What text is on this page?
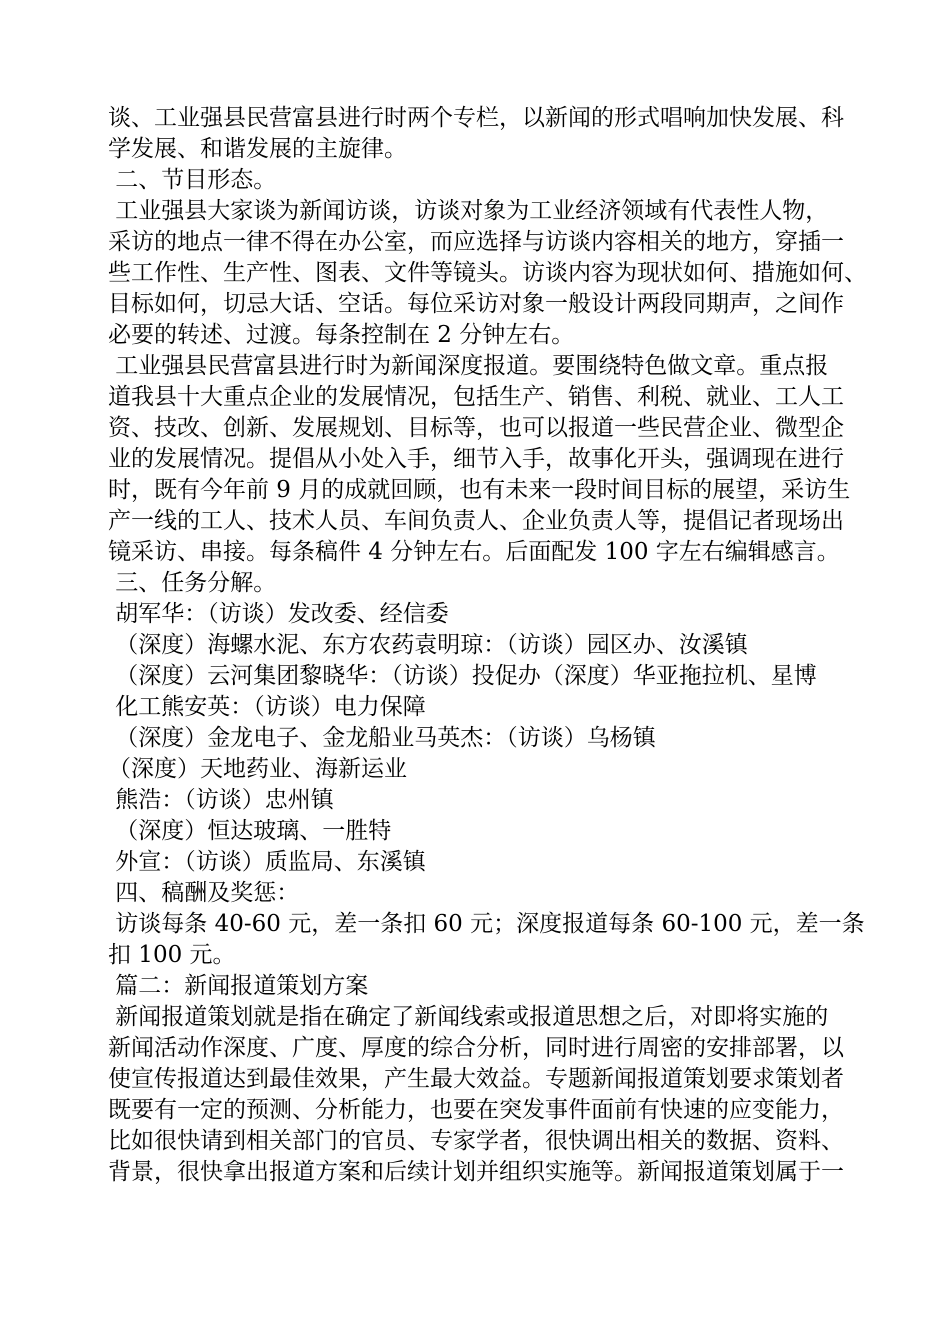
谈、工业强县民营富县进行时两个专栏，以新闻的形式唱响加快发展、科
学发展、和谐发展的主旋律。
二、节目形态。
工业强县大家谈为新闻访谈，访谈对象为工业经济领域有代表性人物，
采访的地点一律不得在办公室，而应选择与访谈内容相关的地方，穿插一
些工作性、生产性、图表、文件等镜头。访谈内容为现状如何、措施如何、
目标如何，切忌大话、空话。每位采访对象一般设计两段同期声，之间作
必要的转述、过渡。每条控制在 2 分钟左右。
工业强县民营富县进行时为新闻深度报道。要围绕特色做文章。重点报
道我县十大重点企业的发展情况，包括生产、销售、利税、就业、工人工
资、技改、创新、发展规划、目标等，也可以报道一些民营企业、微型企
业的发展情况。提倡从小处入手，细节入手，故事化开头，强调现在进行
时，既有今年前 9 月的成就回顾，也有未来一段时间目标的展望，采访生
产一线的工人、技术人员、车间负责人、企业负责人等，提倡记者现场出
镜采访、串接。每条稿件 4 分钟左右。后面配发 100 字左右编辑感言。
三、任务分解。
胡军华：（访谈）发改委、经信委
（深度）海螺水泥、东方农药袁明琼：（访谈）园区办、汝溪镇
（深度）云河集团黎晓华：（访谈）投促办（深度）华亚拖拉机、星博
化工熊安英：（访谈）电力保障
（深度）金龙电子、金龙船业马英杰：（访谈）乌杨镇
（深度）天地药业、海新运业
熊浩：（访谈）忠州镇
（深度）恒达玻璃、一胜特
外宣：（访谈）质监局、东溪镇
四、稿酬及奖惩：
访谈每条 40-60 元，差一条扣 60 元；深度报道每条 60-100 元，差一条
扣 100 元。
篇二：新闻报道策划方案
新闻报道策划就是指在确定了新闻线索或报道思想之后，对即将实施的
新闻活动作深度、广度、厚度的综合分析，同时进行周密的安排部署，以
使宣传报道达到最佳效果，产生最大效益。专题新闻报道策划要求策划者
既要有一定的预测、分析能力，也要在突发事件面前有快速的应变能力，
比如很快请到相关部门的官员、专家学者，很快调出相关的数据、资料、
背景，很快拿出报道方案和后续计划并组织实施等。新闻报道策划属于一
